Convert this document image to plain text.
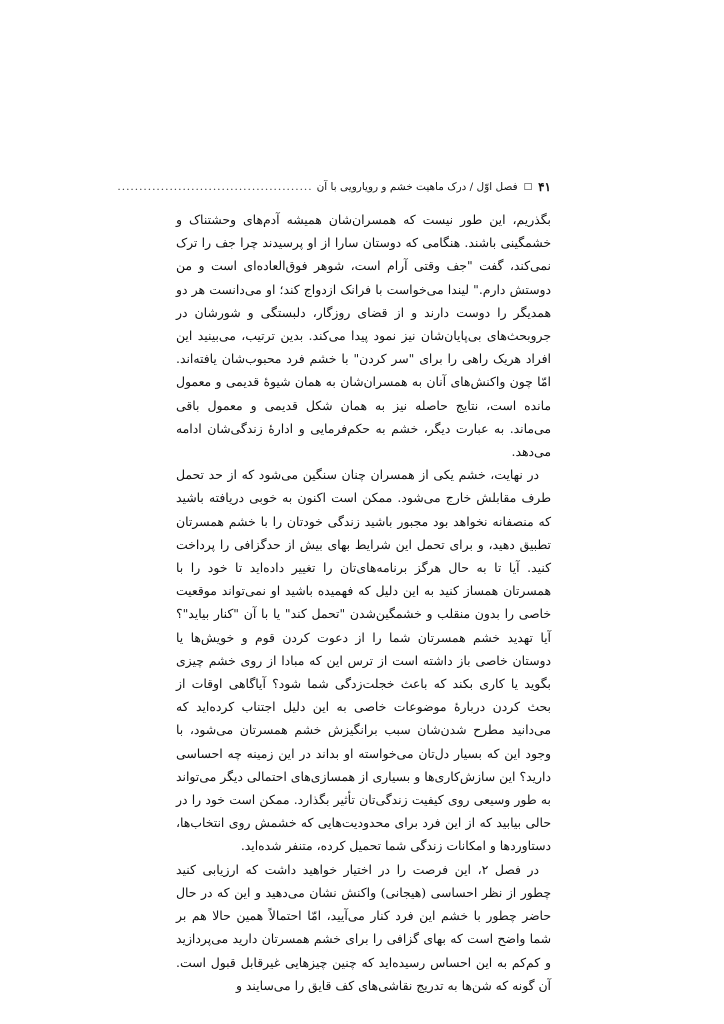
۴۱
□
فصل اوّل / درک ماهیت خشم و رویارویی با آن
.............................................

بگذریم، این طور نیست که همسران‌شان همیشه آدم‌های وحشتناک و خشمگینی باشند. هنگامی که دوستان سارا از او پرسیدند چرا جف را ترک نمی‌کند، گفت "جف وقتی آرام است، شوهر فوق‌العاده‌ای است و من دوستش دارم." لیندا می‌خواست با فرانک ازدواج کند؛ او می‌دانست هر دو همدیگر را دوست دارند و از قضای روزگار، دلبستگی و شورشان در جروبحث‌های بی‌پایان‌شان نیز نمود پیدا می‌کند. بدین ترتیب، می‌بینید این افراد هریک راهی را برای "سر کردن" با خشم فرد محبوب‌شان یافته‌اند. امّا چون واکنش‌های آنان به همسران‌شان به همان شیوهٔ قدیمی و معمول مانده است، نتایج حاصله نیز به همان شکل قدیمی و معمول باقی می‌ماند. به عبارت دیگر، خشم به حکم‌فرمایی و ادارهٔ زندگی‌شان ادامه می‌دهد.

در نهایت، خشم یکی از همسران چنان سنگین می‌شود که از حد تحمل طرف مقابلش خارج می‌شود. ممکن است اکنون به خوبی دریافته باشید که منصفانه نخواهد بود مجبور باشید زندگی خودتان را با خشم همسرتان تطبیق دهید، و برای تحمل این شرایط بهای بیش از حدگزافی را پرداخت کنید. آیا تا به حال هرگز برنامه‌های‌تان را تغییر داده‌اید تا خود را با همسرتان همساز کنید به این دلیل که فهمیده باشید او نمی‌تواند موقعیت خاصی را بدون منقلب و خشمگین‌شدن "تحمل کند" یا با آن "کنار بیاید"؟ آیا تهدید خشم همسرتان شما را از دعوت کردن قوم و خویش‌ها یا دوستان خاصی باز داشته است از ترس این که مبادا از روی خشم چیزی بگوید یا کاری بکند که باعث خجلت‌زدگی شما شود؟ آیاگاهی اوقات از بحث کردن دربارهٔ موضوعات خاصی به این دلیل اجتناب کرده‌اید که می‌دانید مطرح شدن‌شان سبب برانگیزش خشم همسرتان می‌شود، با وجود این که بسیار دل‌تان می‌خواسته او بداند در این زمینه چه احساسی دارید؟ این سازش‌کاری‌ها و بسیاری از همسازی‌های احتمالی دیگر می‌تواند به طور وسیعی روی کیفیت زندگی‌تان تأثیر بگذارد. ممکن است خود را در حالی بیابید که از این فرد برای محدودیت‌هایی که خشمش روی انتخاب‌ها، دستاوردها و امکانات زندگی شما تحمیل کرده، متنفر شده‌اید.

در فصل ۲، این فرصت را در اختیار خواهید داشت که ارزیابی کنید چطور از نظر احساسی (هیجانی) واکنش نشان می‌دهید و این که در حال حاضر چطور با خشم این فرد کنار می‌آیید، امّا احتمالاً همین حالا هم بر شما واضح است که بهای گزافی را برای خشم همسرتان دارید می‌پردازید و کم‌کم به این احساس رسیده‌اید که چنین چیزهایی غیرقابل قبول است. آن گونه که شن‌ها به تدریج نقاشی‌های کف قایق را می‌سایند و
